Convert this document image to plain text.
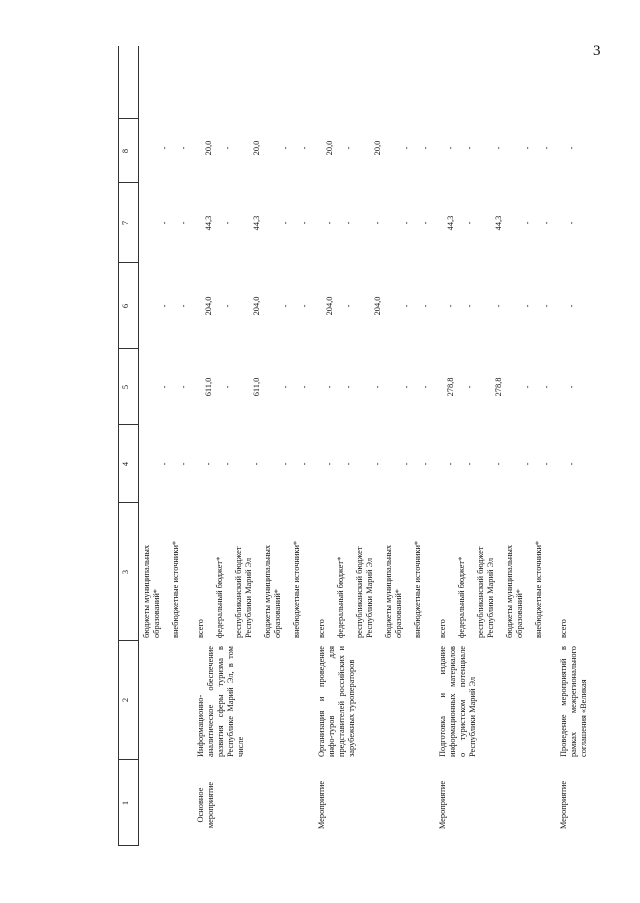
3
1
2
3
4
5
6
7
8
бюджеты муниципальных образований*
-
-
-
-
-
внебюджетные источники*
-
-
-
-
-
Основное мероприятие
Информационно-аналитическое обеспечение развития сферы туризма в Республике Марий Эл, в том числе
всего
-
611,0
204,0
44,3
20,0
федеральный бюджет*
-
-
-
-
-
республиканский бюджет Республики Марий Эл
-
611,0
204,0
44,3
20,0
бюджеты муниципальных образований*
-
-
-
-
-
внебюджетные источники*
-
-
-
-
-
Мероприятие
Организация и проведение инфо-туров для представителей российских и зарубежных туроператоров
всего
-
-
204,0
-
20,0
федеральный бюджет*
-
-
-
-
-
республиканский бюджет Республики Марий Эл
-
-
204,0
-
20,0
бюджеты муниципальных образований*
-
-
-
-
-
внебюджетные источники*
-
-
-
-
-
Мероприятие
Подготовка и издание информационных материалов о туристском потенциале Республики Марий Эл
всего
-
278,8
-
44,3
-
федеральный бюджет*
-
-
-
-
-
республиканский бюджет Республики Марий Эл
-
278,8
-
44,3
-
бюджеты муниципальных образований*
-
-
-
-
-
внебюджетные источники*
-
-
-
-
-
Мероприятие
Проведение мероприятий в рамках межрегионального соглашения «Великая
всего
-
-
-
-
-
